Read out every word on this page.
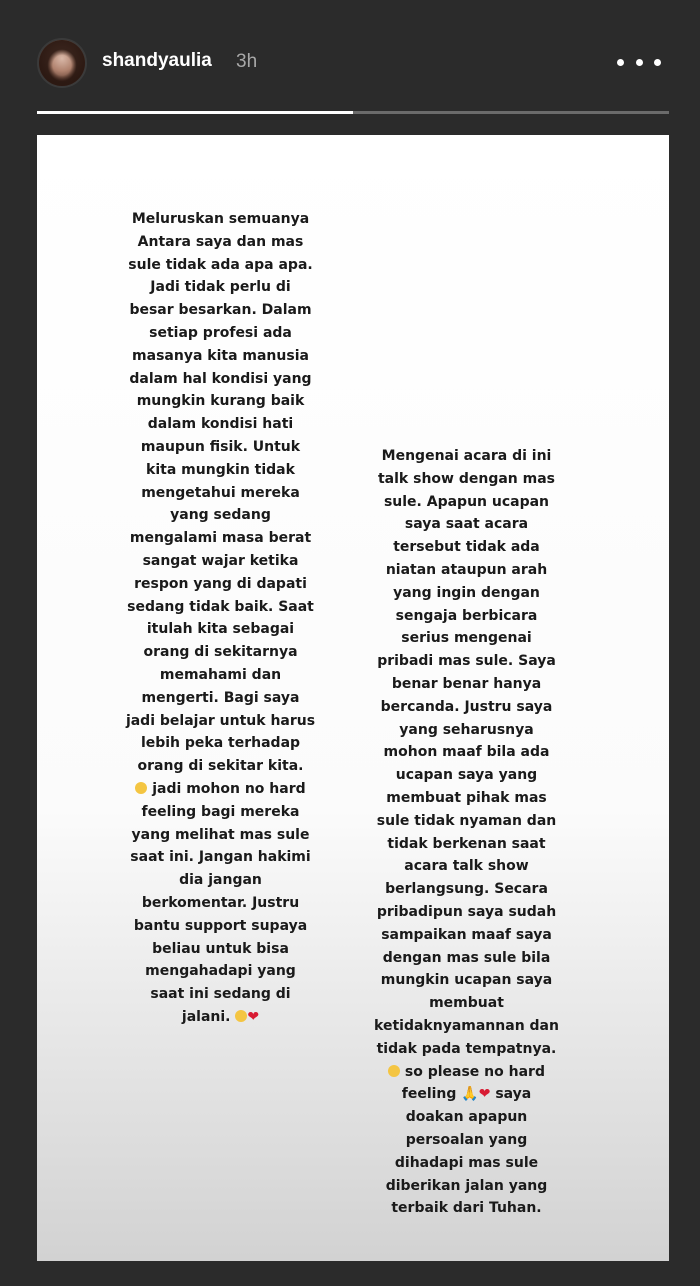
shandyaulia 3h
Meluruskan semuanya
Antara saya dan mas
sule tidak ada apa apa.
Jadi tidak perlu di
besar besarkan. Dalam
setiap profesi ada
masanya kita manusia
dalam hal kondisi yang
mungkin kurang baik
dalam kondisi hati
maupun fisik. Untuk
kita mungkin tidak
mengetahui mereka
yang sedang
mengalami masa berat
sangat wajar ketika
respon yang di dapati
sedang tidak baik. Saat
itulah kita sebagai
orang di sekitarnya
memahami dan
mengerti. Bagi saya
jadi belajar untuk harus
lebih peka terhadap
orang di sekitar kita.
jadi mohon no hard
feeling bagi mereka
yang melihat mas sule
saat ini. Jangan hakimi
dia jangan
berkomentar. Justru
bantu support supaya
beliau untuk bisa
mengahadapi yang
saat ini sedang di
jalani. ❤
Mengenai acara di ini
talk show dengan mas
sule. Apapun ucapan
saya saat acara
tersebut tidak ada
niatan ataupun arah
yang ingin dengan
sengaja berbicara
serius mengenai
pribadi mas sule. Saya
benar benar hanya
bercanda. Justru saya
yang seharusnya
mohon maaf bila ada
ucapan saya yang
membuat pihak mas
sule tidak nyaman dan
tidak berkenan saat
acara talk show
berlangsung. Secara
pribadipun saya sudah
sampaikan maaf saya
dengan mas sule bila
mungkin ucapan saya
membuat
ketidaknyamannan dan
tidak pada tempatnya.
so please no hard
feeling 🙏❤ saya
doakan apapun
persoalan yang
dihadapi mas sule
diberikan jalan yang
terbaik dari Tuhan.
